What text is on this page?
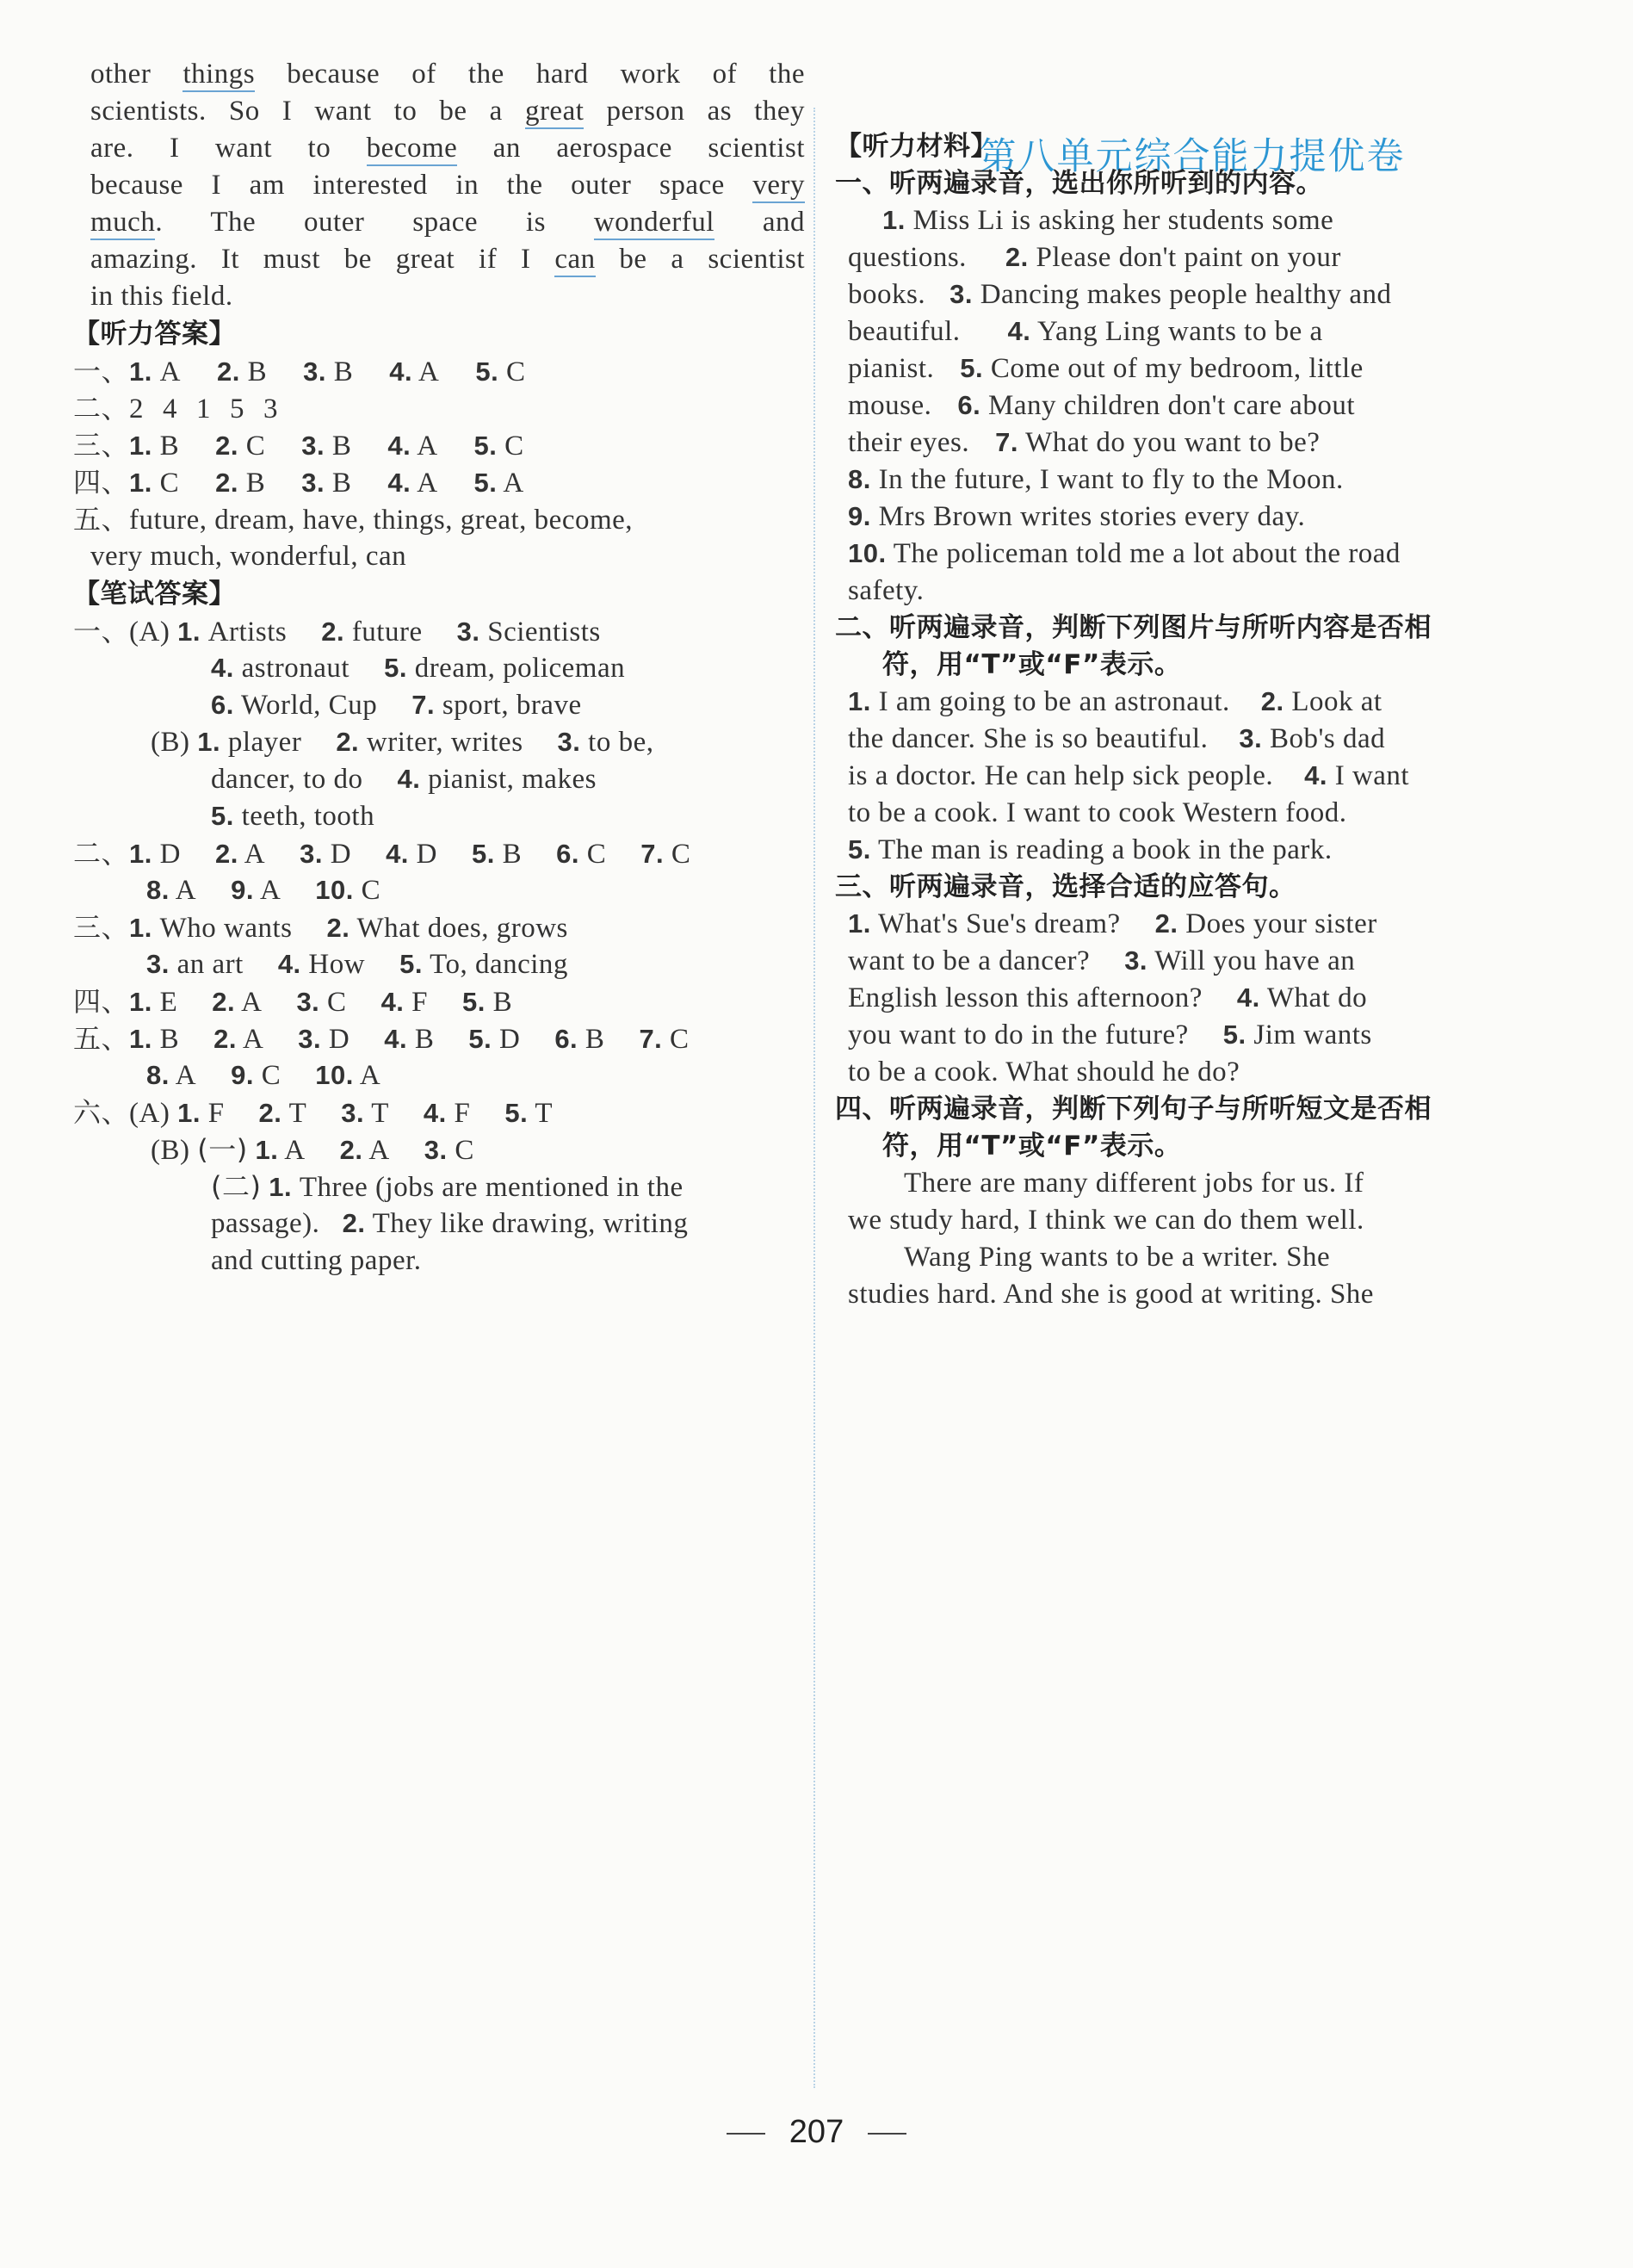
other things because of the hard work of the
scientists. So I want to be a great person as they
are. I want to become an aerospace scientist
because I am interested in the outer space very
much. The outer space is wonderful and
amazing. It must be great if I can be a scientist
in this field.
【听力答案】
一、1. A 2. B 3. B 4. A 5. C
二、2  4  1  5  3
三、1. B 2. C 3. B 4. A 5. C
四、1. C 2. B 3. B 4. A 5. A
五、future, dream, have, things, great, become,
very much, wonderful, can
【笔试答案】
一、(A) 1. Artists 2. future 3. Scientists
4. astronaut 5. dream, policeman
6. World, Cup 7. sport, brave
(B) 1. player 2. writer, writes 3. to be,
dancer, to do 4. pianist, makes
5. teeth, tooth
二、1. D 2. A 3. D 4. D 5. B 6. C 7. C
8. A 9. A 10. C
三、1. Who wants 2. What does, grows
3. an art 4. How 5. To, dancing
四、1. E 2. A 3. C 4. F 5. B
五、1. B 2. A 3. D 4. B 5. D 6. B 7. C
8. A 9. C 10. A
六、(A) 1. F 2. T 3. T 4. F 5. T
(B) (一) 1. A 2. A 3. C
(二) 1. Three (jobs are mentioned in the
passage). 2. They like drawing, writing
and cutting paper.
第八单元综合能力提优卷
【听力材料】
一、听两遍录音，选出你所听到的内容。
1. Miss Li is asking her students some
questions. 2. Please don't paint on your
books. 3. Dancing makes people healthy and
beautiful. 4. Yang Ling wants to be a
pianist. 5. Come out of my bedroom, little
mouse. 6. Many children don't care about
their eyes. 7. What do you want to be?
8. In the future, I want to fly to the Moon.
9. Mrs Brown writes stories every day.
10. The policeman told me a lot about the road
safety.
二、听两遍录音，判断下列图片与所听内容是否相
符，用“T”或“F”表示。
1. I am going to be an astronaut. 2. Look at
the dancer. She is so beautiful. 3. Bob's dad
is a doctor. He can help sick people. 4. I want
to be a cook. I want to cook Western food.
5. The man is reading a book in the park.
三、听两遍录音，选择合适的应答句。
1. What's Sue's dream? 2. Does your sister
want to be a dancer? 3. Will you have an
English lesson this afternoon? 4. What do
you want to do in the future? 5. Jim wants
to be a cook. What should he do?
四、听两遍录音，判断下列句子与所听短文是否相
符，用“T”或“F”表示。
There are many different jobs for us. If
we study hard, I think we can do them well.
Wang Ping wants to be a writer. She
studies hard. And she is good at writing. She
207
